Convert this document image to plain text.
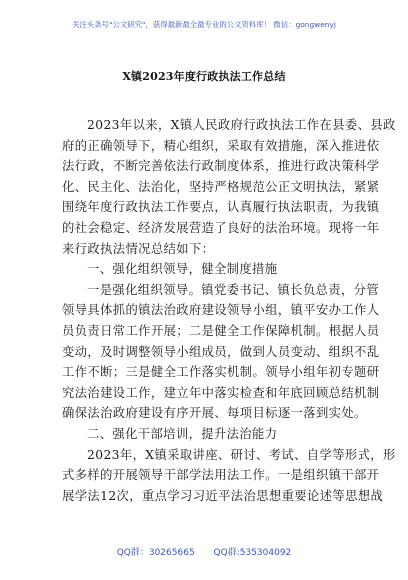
关注头条号"公文研究"，获得最新最全最专业的公文资料库！ 微信：gongwenyj
X镇2023年度行政执法工作总结
2023年以来，X镇人民政府行政执法工作在县委、县政
府的正确领导下，精心组织，采取有效措施，深入推进依
法行政，不断完善依法行政制度体系，推进行政决策科学
化、民主化、法治化，坚持严格规范公正文明执法，紧紧
围绕年度行政执法工作要点，认真履行执法职责，为我镇
的社会稳定、经济发展营造了良好的法治环境。现将一年
来行政执法情况总结如下：
一、强化组织领导，健全制度措施
一是强化组织领导。镇党委书记、镇长负总责，分管
领导具体抓的镇法治政府建设领导小组，镇平安办工作人
员负责日常工作开展；二是健全工作保障机制。根据人员
变动，及时调整领导小组成员，做到人员变动、组织不乱
工作不断；三是健全工作落实机制。领导小组年初专题研
究法治建设工作，建立年中落实检查和年底回顾总结机制
确保法治政府建设有序开展、每项目标逐一落到实处。
二、强化干部培训，提升法治能力
2023年，X镇采取讲座、研讨、考试、自学等形式，形
式多样的开展领导干部学法用法工作。一是组织镇干部开
展学法12次，重点学习习近平法治思想重要论述等思想战
QQ群：30265665 QQ群:535304092
